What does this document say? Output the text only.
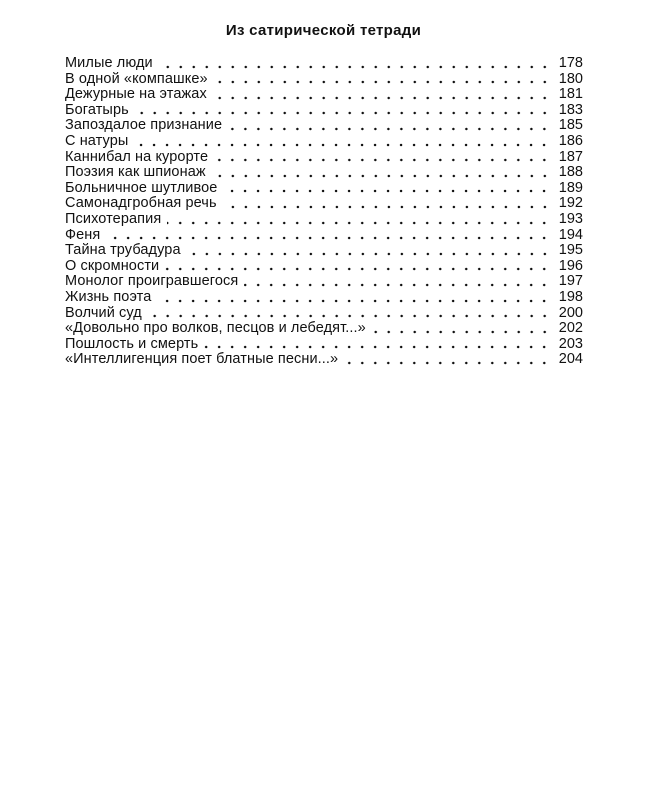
Из сатирической тетради
Милые люди	178
В одной «компашке»	180
Дежурные на этажах	181
Богатырь	183
Запоздалое признание	185
С натуры	186
Каннибал на курорте	187
Поэзия как шпионаж	188
Больничное шутливое	189
Самонадгробная речь	192
Психотерапия	193
Феня	194
Тайна трубадура	195
О скромности	196
Монолог проигравшегося	197
Жизнь поэта	198
Волчий суд	200
«Довольно про волков, песцов и лебедят...»	202
Пошлость и смерть	203
«Интеллигенция поет блатные песни...»	204
